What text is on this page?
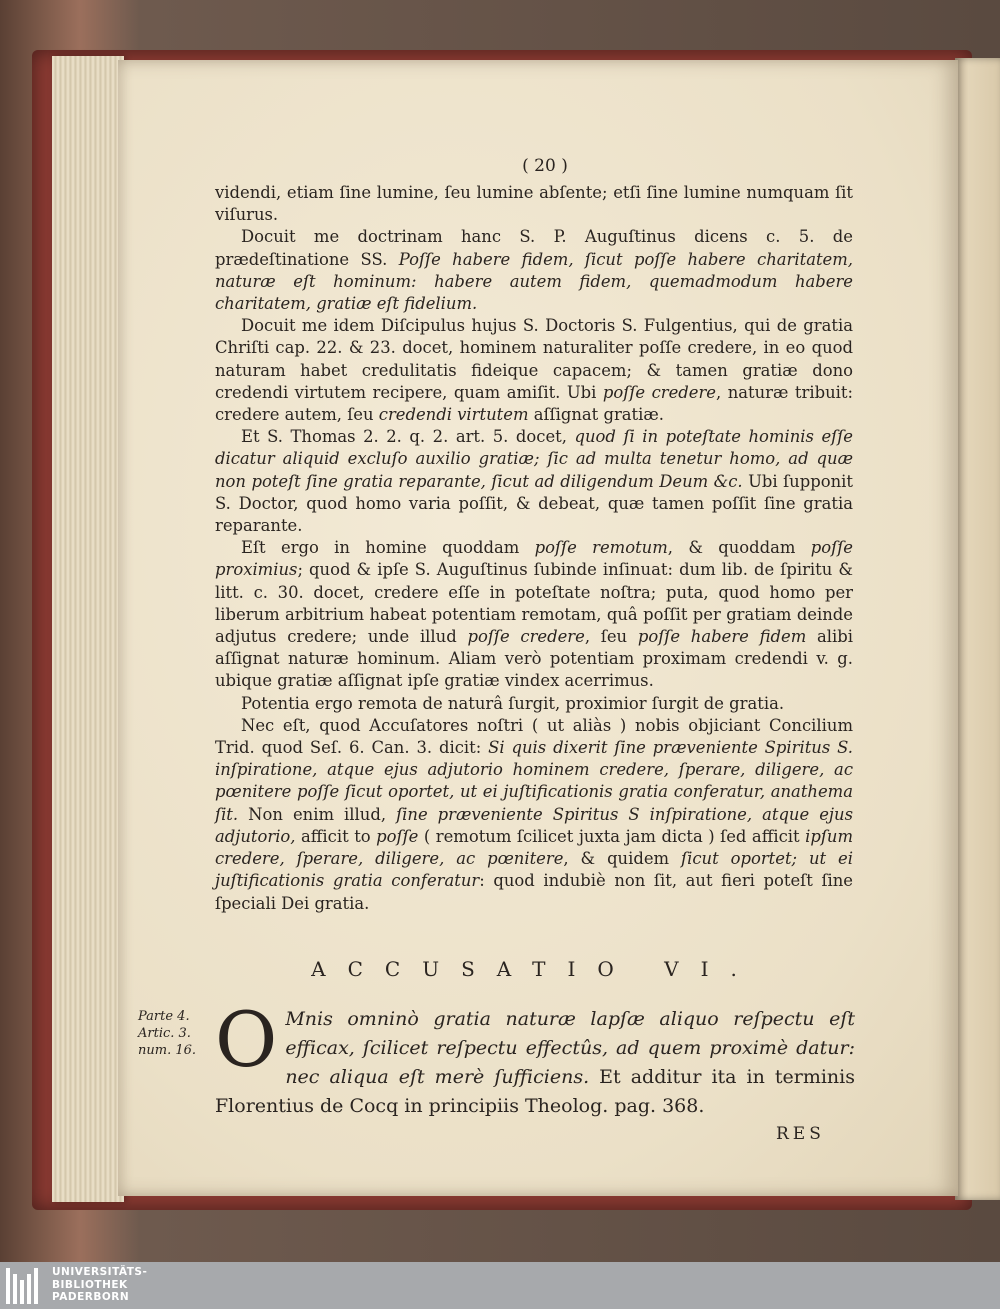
( 20 )

videndi, etiam ſine lumine, ſeu lumine abſente; etſi ſine lumine numquam ſit viſurus.

Docuit me doctrinam hanc S. P. Auguſtinus dicens c. 5. de prædeſtinatione SS. Poſſe habere fidem, ſicut poſſe habere charitatem, naturæ eſt hominum: habere autem fidem, quemadmodum habere charitatem, gratiæ eſt fidelium.

Docuit me idem Diſcipulus hujus S. Doctoris S. Fulgentius, qui de gratia Chriſti cap. 22. & 23. docet, hominem naturaliter poſſe credere, in eo quod naturam habet credulitatis fideique capacem; & tamen gratiæ dono credendi virtutem recipere, quam amiſit. Ubi poſſe credere, naturæ tribuit: credere autem, ſeu credendi virtutem aſſignat gratiæ.

Et S. Thomas 2. 2. q. 2. art. 5. docet, quod ſi in poteſtate hominis eſſe dicatur aliquid excluſo auxilio gratiæ; ſic ad multa tenetur homo, ad quæ non poteſt ſine gratia reparante, ſicut ad diligendum Deum &c. Ubi ſupponit S. Doctor, quod homo varia poſſit, & debeat, quæ tamen poſſit ſine gratia reparante.

Eſt ergo in homine quoddam poſſe remotum, & quoddam poſſe proximius; quod & ipſe S. Auguſtinus ſubinde inſinuat: dum lib. de ſpiritu & litt. c. 30. docet, credere eſſe in poteſtate noſtra; puta, quod homo per liberum arbitrium habeat potentiam remotam, quâ poſſit per gratiam deinde adjutus credere; unde illud poſſe credere, ſeu poſſe habere fidem alibi aſſignat naturæ hominum. Aliam verò potentiam proximam credendi v. g. ubique gratiæ aſſignat ipſe gratiæ vindex acerrimus.

Potentia ergo remota de naturâ ſurgit, proximior ſurgit de gratia.

Nec eſt, quod Accuſatores noſtri ( ut aliàs ) nobis objiciant Concilium Trid. quod Seſ. 6. Can. 3. dicit: Si quis dixerit ſine præveniente Spiritus S. inſpiratione, atque ejus adjutorio hominem credere, ſperare, diligere, ac pœnitere poſſe ſicut oportet, ut ei juſtificationis gratia conferatur, anathema ſit. Non enim illud, ſine præveniente Spiritus S inſpiratione, atque ejus adjutorio, afficit to poſſe ( remotum ſcilicet juxta jam dicta ) ſed afficit ipſum credere, ſperare, diligere, ac pœnitere, & quidem ſicut oportet; ut ei juſtificationis gratia conferatur: quod indubiè non ſit, aut fieri poteſt ſine ſpeciali Dei gratia.

ACCUSATIO VI.
Parte 4.
Artic. 3.
num. 16. O Mnis omninò gratia naturæ lapſæ aliquo reſpectu eſt efficax, ſcilicet reſpectu effectûs, ad quem proximè datur: nec aliqua eſt merè ſufficiens. Et additur ita in terminis Florentius de Cocq in principiis Theolog. pag. 368.

RES
UNIVERSITÄTS-
BIBLIOTHEK
PADERBORN
